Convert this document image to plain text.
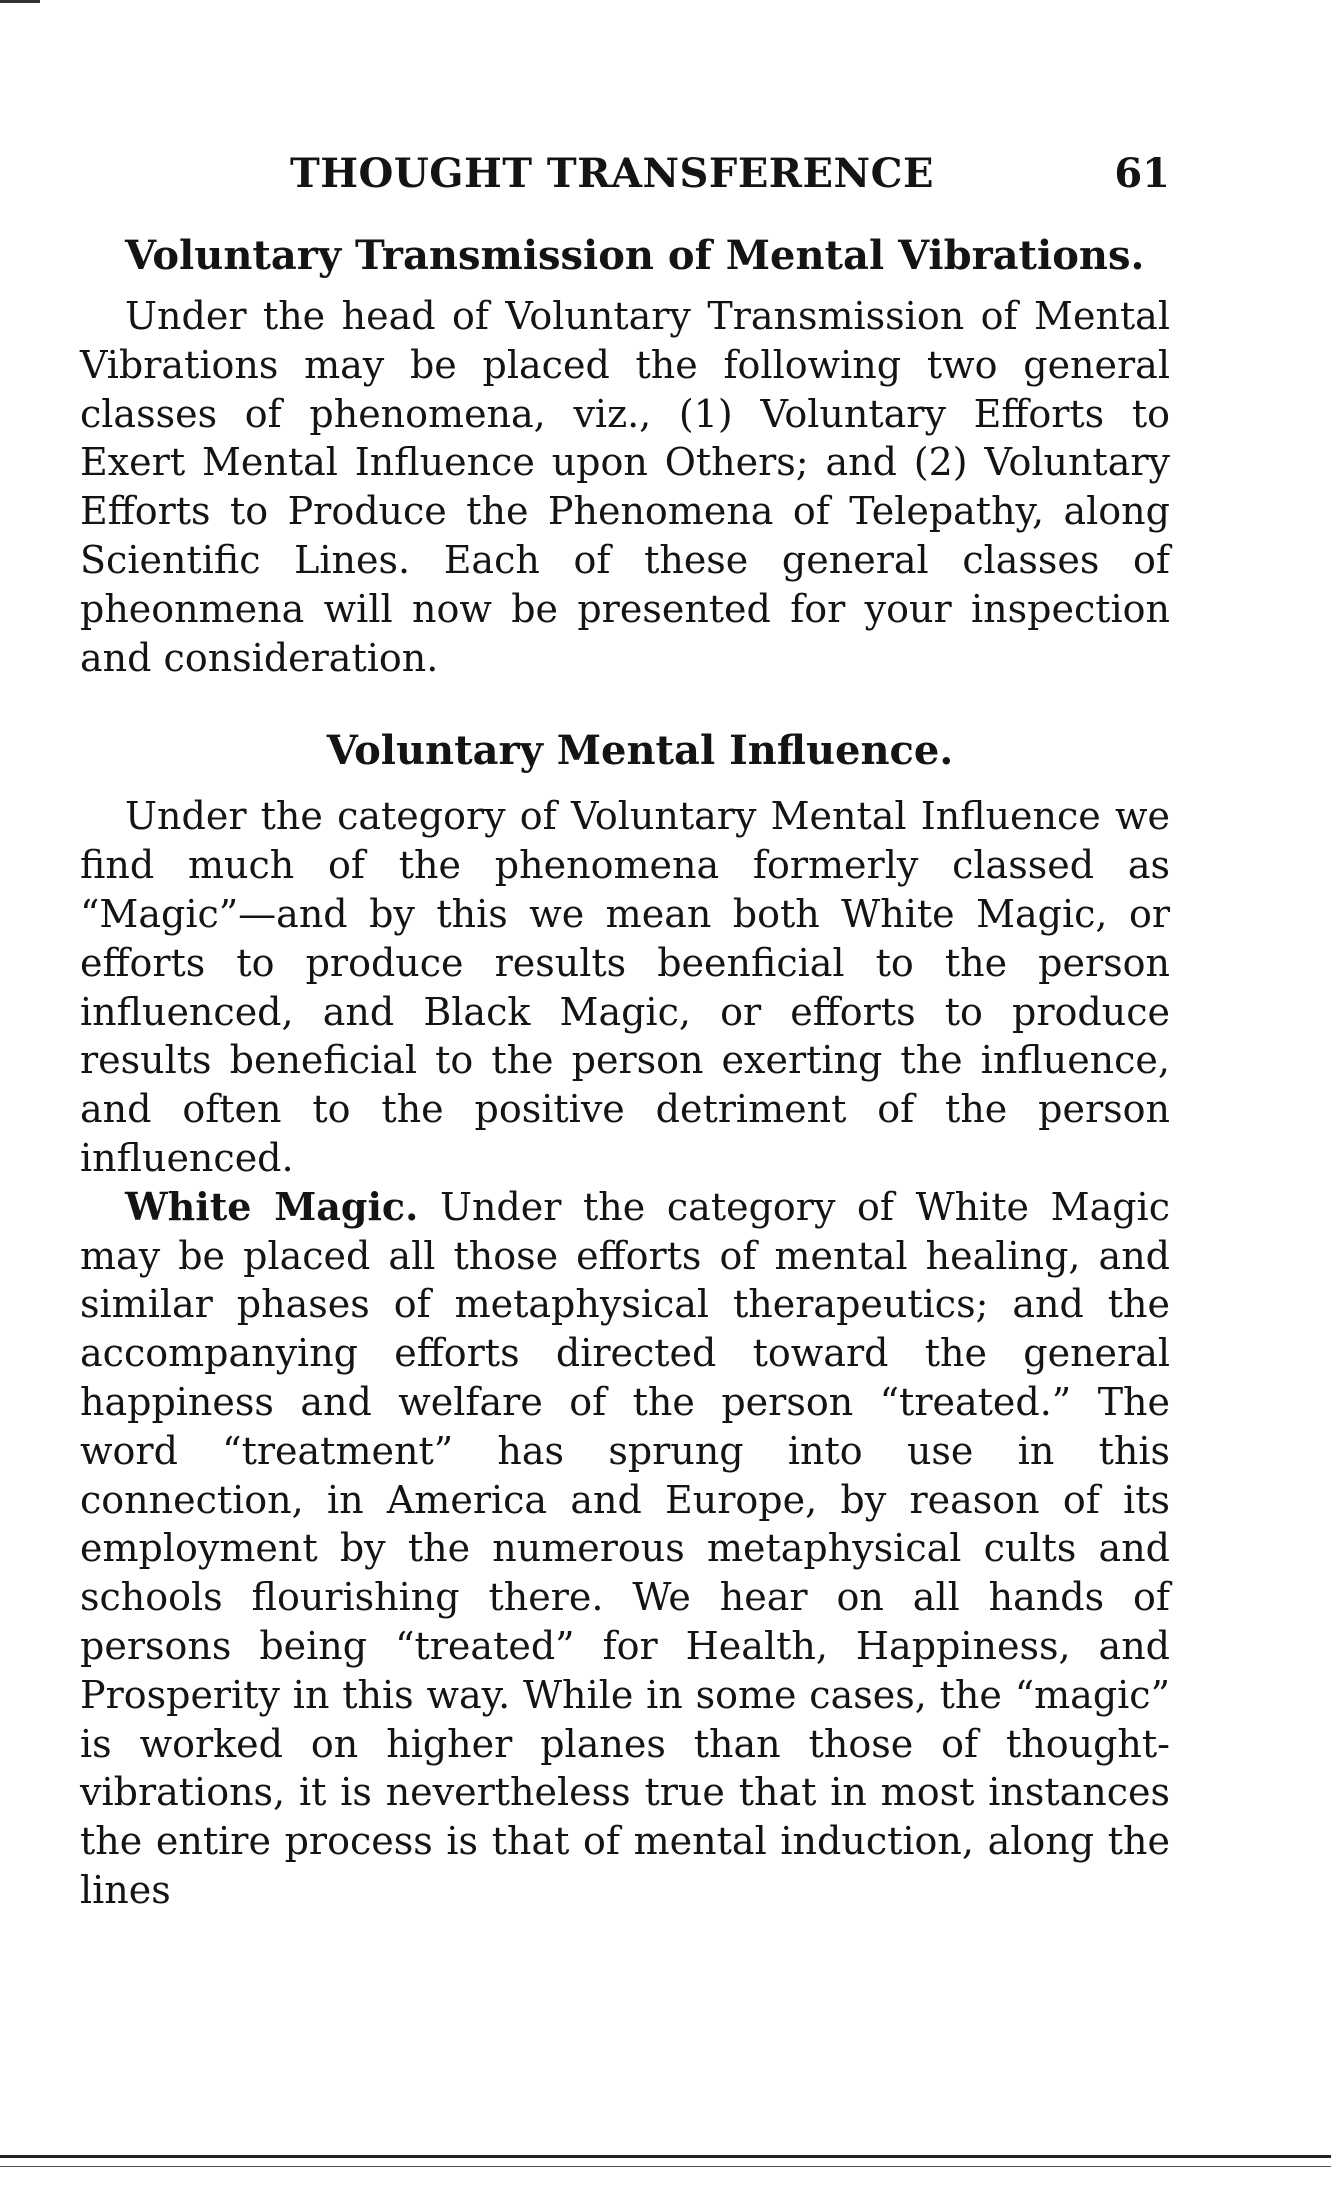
THOUGHT TRANSFERENCE	61
Voluntary Transmission of Mental Vibrations.

Under the head of Voluntary Transmission of Mental Vibrations may be placed the following two general classes of phenomena, viz., (1) Voluntary Efforts to Exert Mental Influence upon Others; and (2) Voluntary Efforts to Produce the Phenomena of Telepathy, along Scientific Lines. Each of these general classes of pheonmena will now be presented for your inspection and consideration.

Voluntary Mental Influence.

Under the category of Voluntary Mental Influence we find much of the phenomena formerly classed as “Magic”—and by this we mean both White Magic, or efforts to produce results beenficial to the person influenced, and Black Magic, or efforts to produce results beneficial to the person exerting the influence, and often to the positive detriment of the person influenced.

White Magic. Under the category of White Magic may be placed all those efforts of mental healing, and similar phases of metaphysical therapeutics; and the accompanying efforts directed toward the general happiness and welfare of the person “treated.” The word “treatment” has sprung into use in this connection, in America and Europe, by reason of its employment by the numerous metaphysical cults and schools flourishing there. We hear on all hands of persons being “treated” for Health, Happiness, and Prosperity in this way. While in some cases, the “magic” is worked on higher planes than those of thought-vibrations, it is nevertheless true that in most instances the entire process is that of mental induction, along the lines
